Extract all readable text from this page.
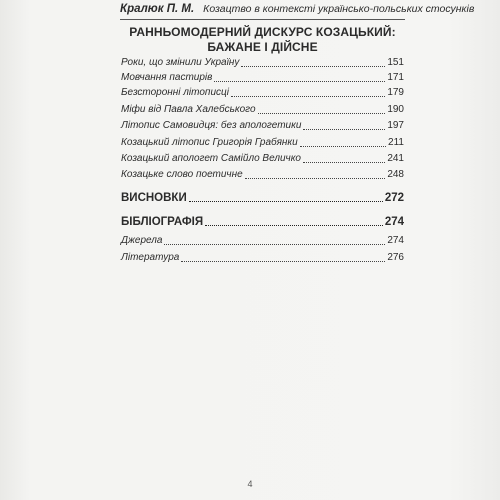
Кралюк П. М. Козацтво в контексті українсько-польських стосунків
РАННЬОМОДЕРНИЙ ДИСКУРС КОЗАЦЬКИЙ:
БАЖАНЕ І ДІЙСНЕ
Роки, що змінили Україну	151
Мовчання пастирів	171
Безсторонні літописці	179
Міфи від Павла Халебського	190
Літопис Самовидця: без апологетики	197
Козацький літопис Григорія Грабянки	211
Козацький апологет Самійло Величко	241
Козацьке слово поетичне	248
ВИСНОВКИ	272
БІБЛІОГРАФІЯ	274
Джерела	274
Література	276
4
